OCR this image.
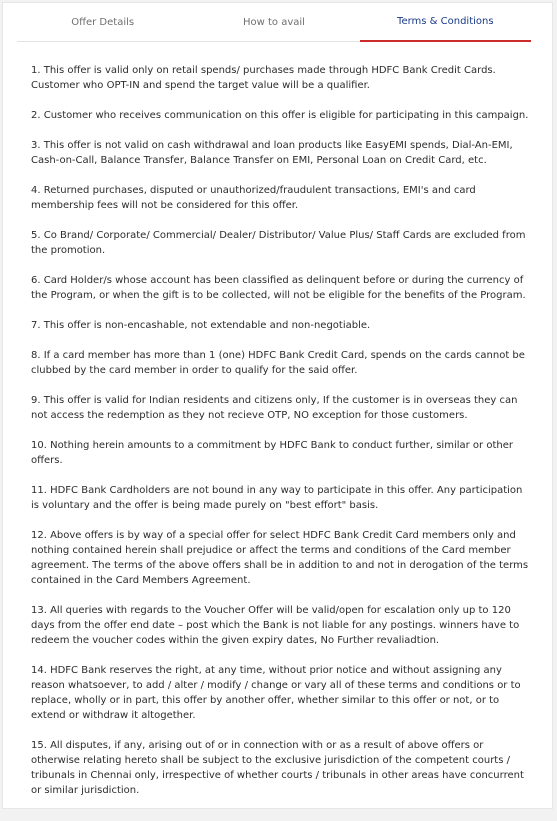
Offer Details	How to avail	Terms & Conditions

1. This offer is valid only on retail spends/ purchases made through HDFC Bank Credit Cards.
Customer who OPT-IN and spend the target value will be a qualifier.

2. Customer who receives communication on this offer is eligible for participating in this campaign.

3. This offer is not valid on cash withdrawal and loan products like EasyEMI spends, Dial-An-EMI,
Cash-on-Call, Balance Transfer, Balance Transfer on EMI, Personal Loan on Credit Card, etc.

4. Returned purchases, disputed or unauthorized/fraudulent transactions, EMI's and card
membership fees will not be considered for this offer.

5. Co Brand/ Corporate/ Commercial/ Dealer/ Distributor/ Value Plus/ Staff Cards are excluded from
the promotion.

6. Card Holder/s whose account has been classified as delinquent before or during the currency of
the Program, or when the gift is to be collected, will not be eligible for the benefits of the Program.

7. This offer is non-encashable, not extendable and non-negotiable.

8. If a card member has more than 1 (one) HDFC Bank Credit Card, spends on the cards cannot be
clubbed by the card member in order to qualify for the said offer.

9. This offer is valid for Indian residents and citizens only, If the customer is in overseas they can
not access the redemption as they not recieve OTP, NO exception for those customers.

10. Nothing herein amounts to a commitment by HDFC Bank to conduct further, similar or other
offers.

11. HDFC Bank Cardholders are not bound in any way to participate in this offer. Any participation
is voluntary and the offer is being made purely on "best effort" basis.

12. Above offers is by way of a special offer for select HDFC Bank Credit Card members only and
nothing contained herein shall prejudice or affect the terms and conditions of the Card member
agreement. The terms of the above offers shall be in addition to and not in derogation of the terms
contained in the Card Members Agreement.

13. All queries with regards to the Voucher Offer will be valid/open for escalation only up to 120
days from the offer end date – post which the Bank is not liable for any postings. winners have to
redeem the voucher codes within the given expiry dates, No Further revaliadtion.

14. HDFC Bank reserves the right, at any time, without prior notice and without assigning any
reason whatsoever, to add / alter / modify / change or vary all of these terms and conditions or to
replace, wholly or in part, this offer by another offer, whether similar to this offer or not, or to
extend or withdraw it altogether.

15. All disputes, if any, arising out of or in connection with or as a result of above offers or
otherwise relating hereto shall be subject to the exclusive jurisdiction of the competent courts /
tribunals in Chennai only, irrespective of whether courts / tribunals in other areas have concurrent
or similar jurisdiction.
